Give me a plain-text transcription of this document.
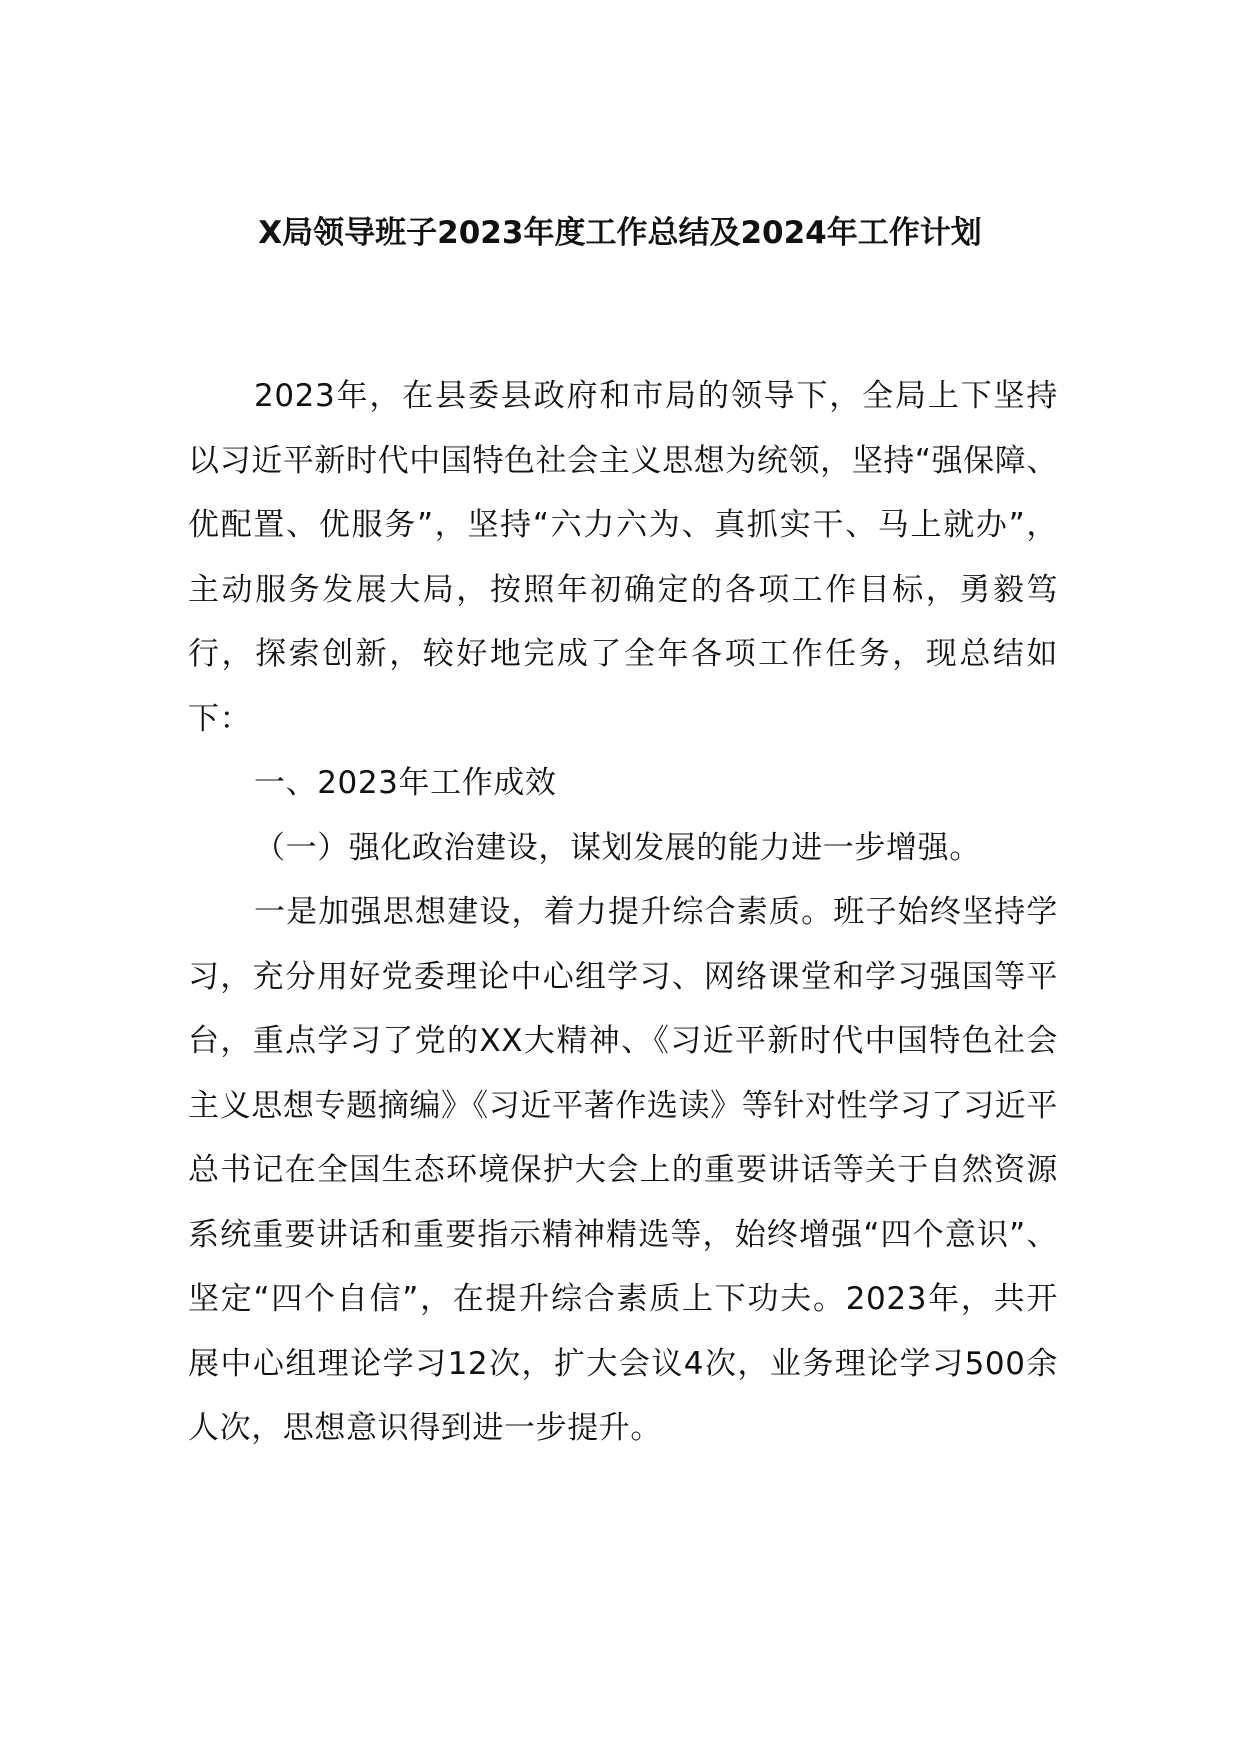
X局领导班子2023年度工作总结及2024年工作计划

2023年，在县委县政府和市局的领导下，全局上下坚持以习近平新时代中国特色社会主义思想为统领，坚持“强保障、优配置、优服务”，坚持“六力六为、真抓实干、马上就办”，主动服务发展大局，按照年初确定的各项工作目标，勇毅笃行，探索创新，较好地完成了全年各项工作任务，现总结如下：

一、2023年工作成效

（一）强化政治建设，谋划发展的能力进一步增强。

一是加强思想建设，着力提升综合素质。班子始终坚持学习，充分用好党委理论中心组学习、网络课堂和学习强国等平台，重点学习了党的XX大精神、《习近平新时代中国特色社会主义思想专题摘编》《习近平著作选读》等针对性学习了习近平总书记在全国生态环境保护大会上的重要讲话等关于自然资源系统重要讲话和重要指示精神精选等，始终增强“四个意识”、坚定“四个自信”，在提升综合素质上下功夫。2023年，共开展中心组理论学习12次，扩大会议4次，业务理论学习500余人次，思想意识得到进一步提升。
